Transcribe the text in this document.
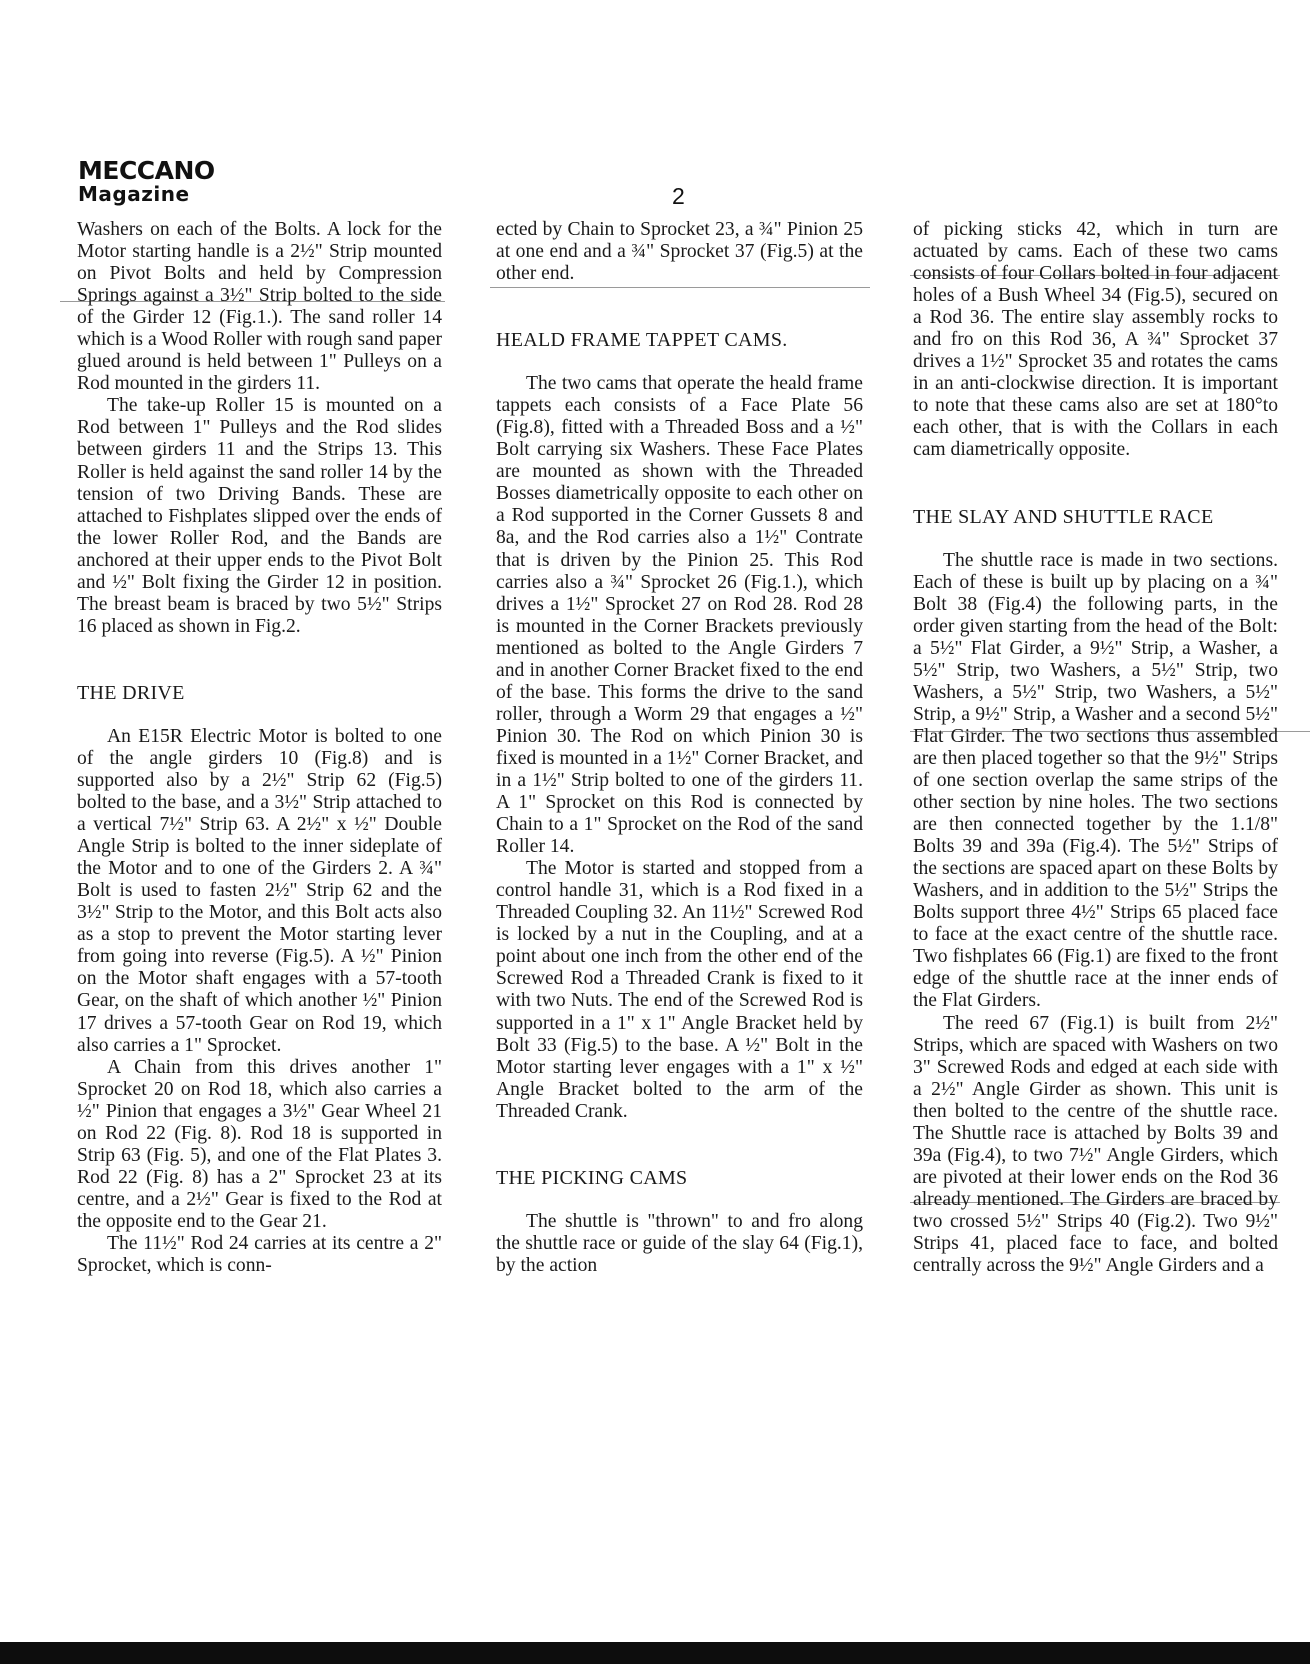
MECCANO
Magazine	2

Washers on each of the Bolts. A lock for the Motor starting handle is a 2½" Strip mounted on Pivot Bolts and held by Compression Springs against a 3½" Strip bolted to the side of the Girder 12 (Fig.1.). The sand roller 14 which is a Wood Roller with rough sand paper glued around is held between 1" Pulleys on a Rod mounted in the girders 11.

The take-up Roller 15 is mounted on a Rod between 1" Pulleys and the Rod slides between girders 11 and the Strips 13. This Roller is held against the sand roller 14 by the tension of two Driving Bands. These are attached to Fishplates slipped over the ends of the lower Roller Rod, and the Bands are anchored at their upper ends to the Pivot Bolt and ½" Bolt fixing the Girder 12 in position. The breast beam is braced by two 5½" Strips 16 placed as shown in Fig.2.

THE DRIVE

An E15R Electric Motor is bolted to one of the angle girders 10 (Fig.8) and is supported also by a 2½" Strip 62 (Fig.5) bolted to the base, and a 3½" Strip attached to a vertical 7½" Strip 63. A 2½" x ½" Double Angle Strip is bolted to the inner sideplate of the Motor and to one of the Girders 2. A ¾" Bolt is used to fasten 2½" Strip 62 and the 3½" Strip to the Motor, and this Bolt acts also as a stop to prevent the Motor starting lever from going into reverse (Fig.5). A ½" Pinion on the Motor shaft engages with a 57-tooth Gear, on the shaft of which another ½" Pinion 17 drives a 57-tooth Gear on Rod 19, which also carries a 1" Sprocket.

A Chain from this drives another 1" Sprocket 20 on Rod 18, which also carries a ½" Pinion that engages a 3½" Gear Wheel 21 on Rod 22 (Fig. 8). Rod 18 is supported in Strip 63 (Fig. 5), and one of the Flat Plates 3. Rod 22 (Fig. 8) has a 2" Sprocket 23 at its centre, and a 2½" Gear is fixed to the Rod at the opposite end to the Gear 21.

The 11½" Rod 24 carries at its centre a 2" Sprocket, which is conn-

ected by Chain to Sprocket 23, a ¾" Pinion 25 at one end and a ¾" Sprocket 37 (Fig.5) at the other end.

HEALD FRAME TAPPET CAMS.

The two cams that operate the heald frame tappets each consists of a Face Plate 56 (Fig.8), fitted with a Threaded Boss and a ½" Bolt carrying six Washers. These Face Plates are mounted as shown with the Threaded Bosses diametrically opposite to each other on a Rod supported in the Corner Gussets 8 and 8a, and the Rod carries also a 1½" Contrate that is driven by the Pinion 25. This Rod carries also a ¾" Sprocket 26 (Fig.1.), which drives a 1½" Sprocket 27 on Rod 28. Rod 28 is mounted in the Corner Brackets previously mentioned as bolted to the Angle Girders 7 and in another Corner Bracket fixed to the end of the base. This forms the drive to the sand roller, through a Worm 29 that engages a ½" Pinion 30. The Rod on which Pinion 30 is fixed is mounted in a 1½" Corner Bracket, and in a 1½" Strip bolted to one of the girders 11. A 1" Sprocket on this Rod is connected by Chain to a 1" Sprocket on the Rod of the sand Roller 14.

The Motor is started and stopped from a control handle 31, which is a Rod fixed in a Threaded Coupling 32. An 11½" Screwed Rod is locked by a nut in the Coupling, and at a point about one inch from the other end of the Screwed Rod a Threaded Crank is fixed to it with two Nuts. The end of the Screwed Rod is supported in a 1" x 1" Angle Bracket held by Bolt 33 (Fig.5) to the base. A ½" Bolt in the Motor starting lever engages with a 1" x ½" Angle Bracket bolted to the arm of the Threaded Crank.

THE PICKING CAMS

The shuttle is "thrown" to and fro along the shuttle race or guide of the slay 64 (Fig.1), by the action

of picking sticks 42, which in turn are actuated by cams. Each of these two cams consists of four Collars bolted in four adjacent holes of a Bush Wheel 34 (Fig.5), secured on a Rod 36. The entire slay assembly rocks to and fro on this Rod 36, A ¾" Sprocket 37 drives a 1½" Sprocket 35 and rotates the cams in an anti-clockwise direction. It is important to note that these cams also are set at 180°to each other, that is with the Collars in each cam diametrically opposite.

THE SLAY AND SHUTTLE RACE

The shuttle race is made in two sections. Each of these is built up by placing on a ¾" Bolt 38 (Fig.4) the following parts, in the order given starting from the head of the Bolt: a 5½" Flat Girder, a 9½" Strip, a Washer, a 5½" Strip, two Washers, a 5½" Strip, two Washers, a 5½" Strip, two Washers, a 5½" Strip, a 9½" Strip, a Washer and a second 5½" Flat Girder. The two sections thus assembled are then placed together so that the 9½" Strips of one section overlap the same strips of the other section by nine holes. The two sections are then connected together by the 1.1/8" Bolts 39 and 39a (Fig.4). The 5½" Strips of the sections are spaced apart on these Bolts by Washers, and in addition to the 5½" Strips the Bolts support three 4½" Strips 65 placed face to face at the exact centre of the shuttle race. Two fishplates 66 (Fig.1) are fixed to the front edge of the shuttle race at the inner ends of the Flat Girders.

The reed 67 (Fig.1) is built from 2½" Strips, which are spaced with Washers on two 3" Screwed Rods and edged at each side with a 2½" Angle Girder as shown. This unit is then bolted to the centre of the shuttle race. The Shuttle race is attached by Bolts 39 and 39a (Fig.4), to two 7½" Angle Girders, which are pivoted at their lower ends on the Rod 36 already mentioned. The Girders are braced by two crossed 5½" Strips 40 (Fig.2). Two 9½" Strips 41, placed face to face, and bolted centrally across the 9½" Angle Girders and a
